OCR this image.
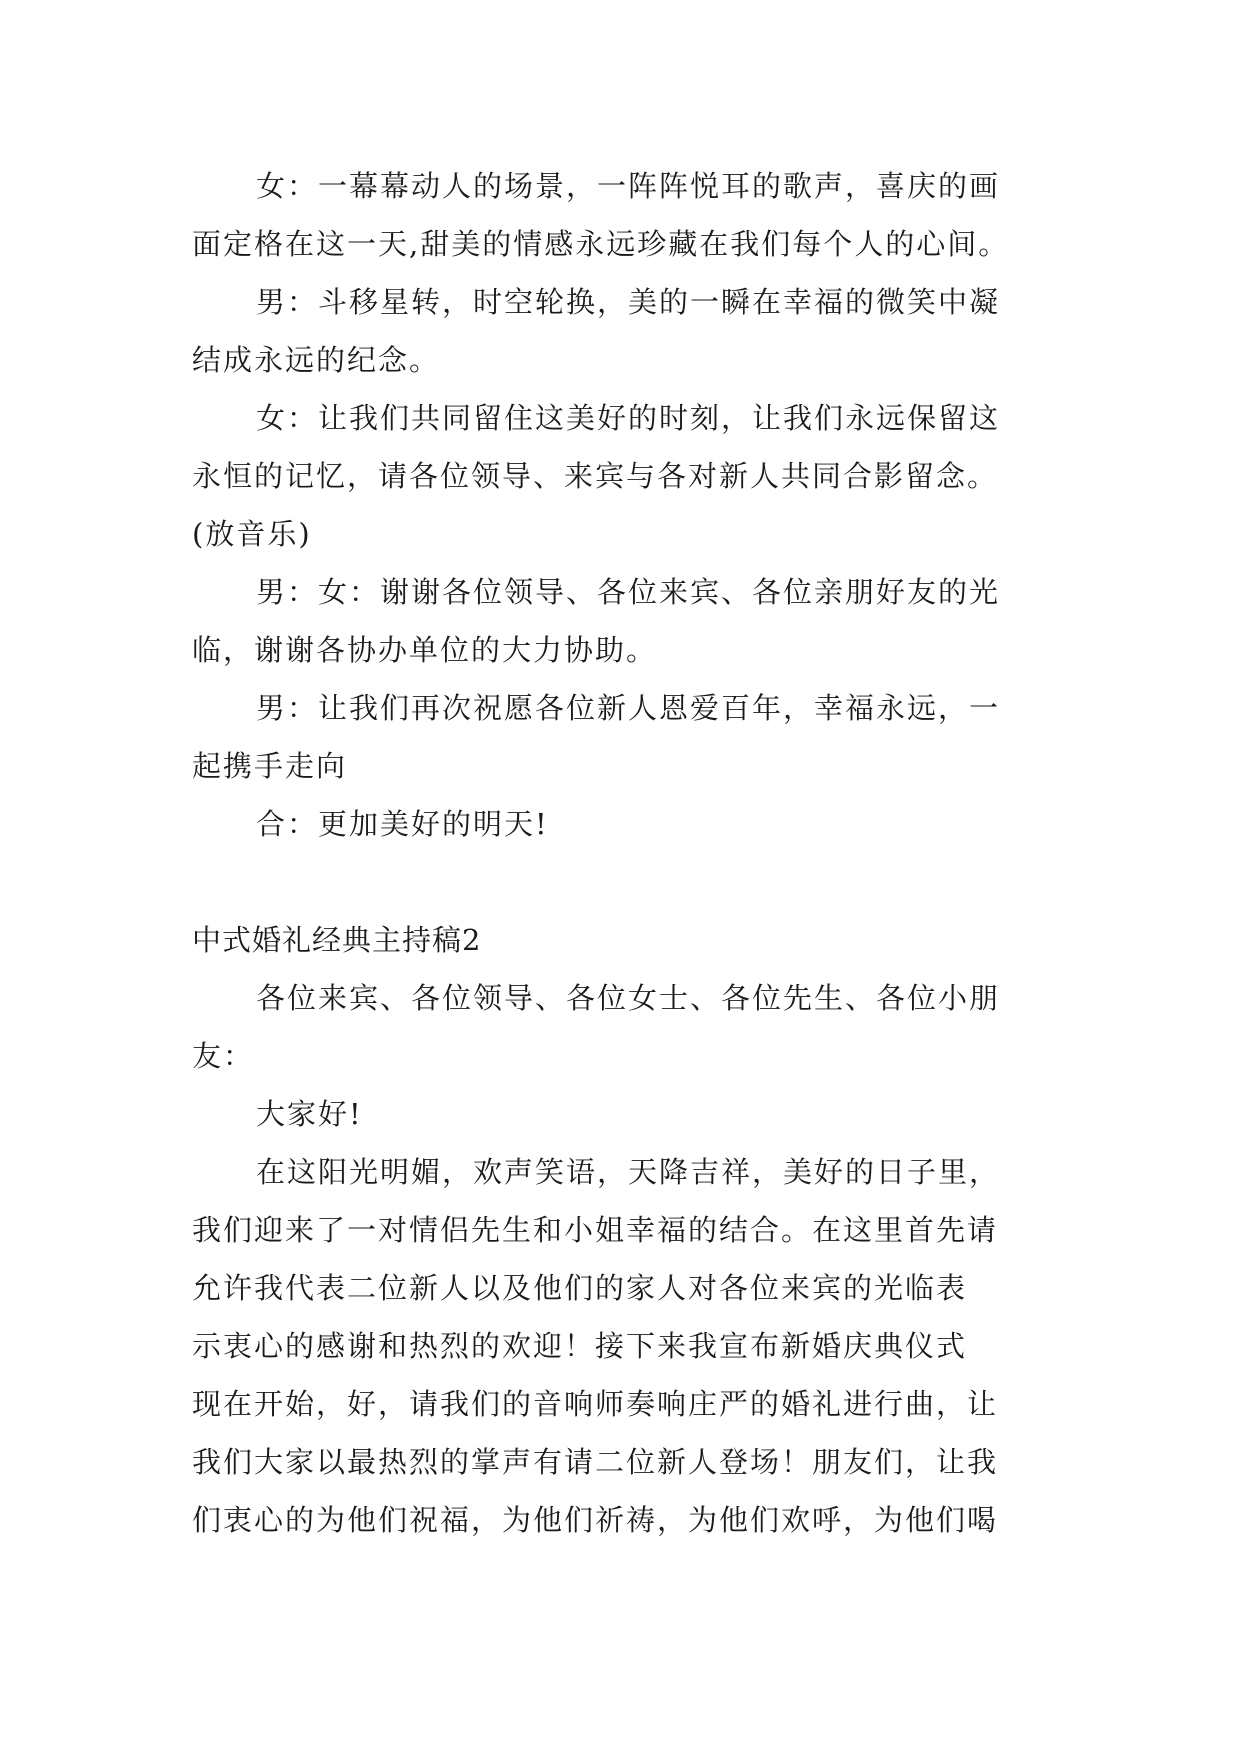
女：一幕幕动人的场景，一阵阵悦耳的歌声，喜庆的画

面定格在这一天,甜美的情感永远珍藏在我们每个人的心间。

男：斗移星转，时空轮换，美的一瞬在幸福的微笑中凝

结成永远的纪念。

女：让我们共同留住这美好的时刻，让我们永远保留这

永恒的记忆，请各位领导、来宾与各对新人共同合影留念。

(放音乐)

男：女：谢谢各位领导、各位来宾、各位亲朋好友的光

临，谢谢各协办单位的大力协助。

男：让我们再次祝愿各位新人恩爱百年，幸福永远，一

起携手走向

合：更加美好的明天!

中式婚礼经典主持稿2

各位来宾、各位领导、各位女士、各位先生、各位小朋

友：

大家好!

在这阳光明媚，欢声笑语，天降吉祥，美好的日子里，

我们迎来了一对情侣先生和小姐幸福的结合。在这里首先请

允许我代表二位新人以及他们的家人对各位来宾的光临表

示衷心的感谢和热烈的欢迎！接下来我宣布新婚庆典仪式

现在开始，好，请我们的音响师奏响庄严的婚礼进行曲，让

我们大家以最热烈的掌声有请二位新人登场！朋友们，让我

们衷心的为他们祝福，为他们祈祷，为他们欢呼，为他们喝
